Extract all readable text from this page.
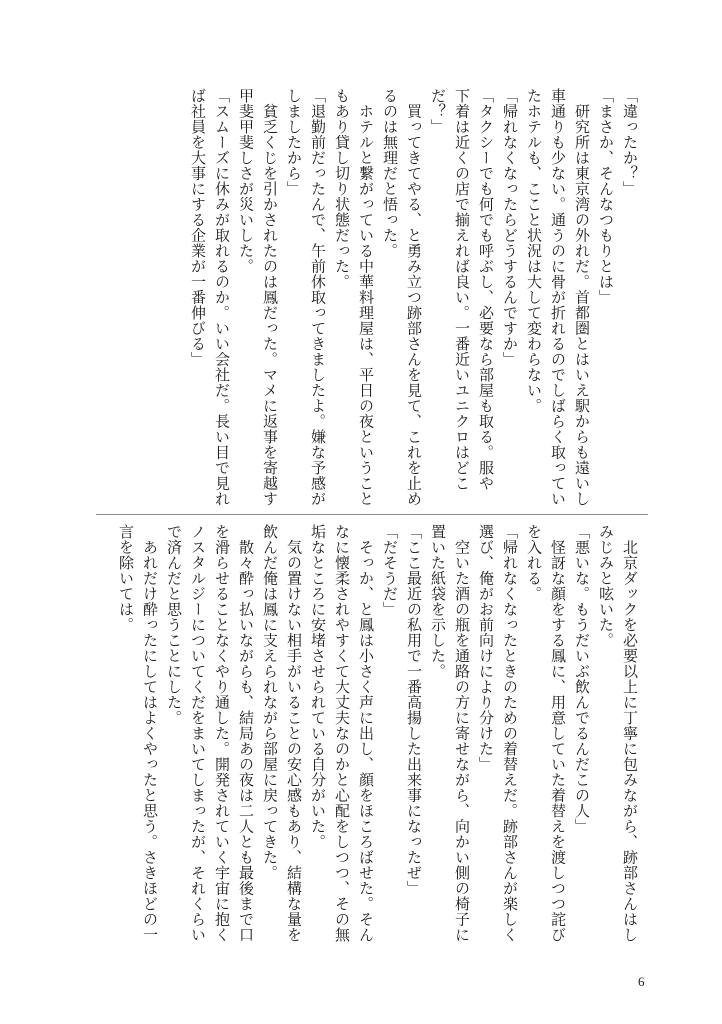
「違ったか？」
「まさか、そんなつもりとは」
　研究所は東京湾の外れだ。首都圏とはいえ駅からも遠いし
車通りも少ない。通うのに骨が折れるのでしばらく取ってい
たホテルも、ここと状況は大して変わらない。
「帰れなくなったらどうするんですか」
「タクシーでも何でも呼ぶし、必要なら部屋も取る。服や
下着は近くの店で揃えれば良い。一番近いユニクロはどこ
だ？」
　買ってきてやる、と勇み立つ跡部さんを見て、これを止め
るのは無理だと悟った。
　ホテルと繋がっている中華料理屋は、平日の夜ということ
もあり貸し切り状態だった。
「退勤前だったんで、午前休取ってきましたよ。嫌な予感が
しましたから」
　貧乏くじを引かされたのは鳳だった。マメに返事を寄越す
甲斐甲斐しさが災いした。
「スムーズに休みが取れるのか。いい会社だ。長い目で見れ
ば社員を大事にする企業が一番伸びる」
　北京ダックを必要以上に丁寧に包みながら、跡部さんはし
みじみと呟いた。
「悪いな。もうだいぶ飲んでるんだこの人」
　怪訝な顔をする鳳に、用意していた着替えを渡しつつ詫び
を入れる。
「帰れなくなったときのための着替えだ。跡部さんが楽しく
選び、俺がお前向けにより分けた」
　空いた酒の瓶を通路の方に寄せながら、向かい側の椅子に
置いた紙袋を示した。
「ここ最近の私用で一番高揚した出来事になったぜ」
「だそうだ」
　そっか、と鳳は小さく声に出し、顔をほころばせた。そん
なに懐柔されやすくて大丈夫なのかと心配をしつつ、その無
垢なところに安堵させられている自分がいた。
　気の置けない相手がいることの安心感もあり、結構な量を
飲んだ俺は鳳に支えられながら部屋に戻ってきた。
　散々酔っ払いながらも、結局あの夜は二人とも最後まで口
を滑らせることなくやり通した。開発されていく宇宙に抱く
ノスタルジーについてくだをまいてしまったが、それくらい
で済んだと思うことにした。
　あれだけ酔ったにしてはよくやったと思う。さきほどの一
言を除いては。
6
